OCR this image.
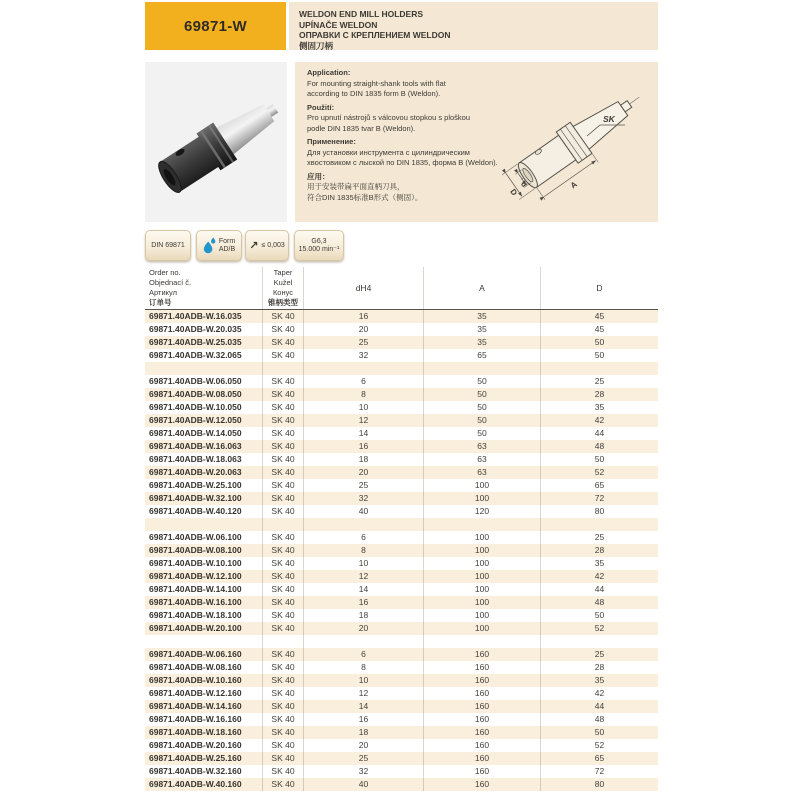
69871-W
WELDON END MILL HOLDERS
UPÍNAČE WELDON
ОПРАВКИ С КРЕПЛЕНИЕМ WELDON
侧固刀柄
Application:
For mounting straight-shank tools with flat
according to DIN 1835 form B (Weldon).
Použití:
Pro upnutí nástrojů s válcovou stopkou s ploškou
podle DIN 1835 tvar B (Weldon).
Применение:
Для установки инструмента с цилиндрическим
хвостовиком с лыской по DIN 1835, форма B (Weldon).
应用：
用于安装带扁平面直柄刀具，
符合DIN 1835标准B形式（侧固）。	D
d	A
SK
DIN 69871
Form
AD/B ↗ ≤ 0,003
G6,3
15.000 min⁻¹
Order no.
Objednací č.
Артикул
订单号
Taper
Kužel
Конус
锥柄类型
dH4	A	D
69871.40ADB-W.16.035	SK 40	16	35	45
69871.40ADB-W.20.035	SK 40	20	35	45
69871.40ADB-W.25.035	SK 40	25	35	50
69871.40ADB-W.32.065	SK 40	32	65	50
69871.40ADB-W.06.050	SK 40	6	50	25
69871.40ADB-W.08.050	SK 40	8	50	28
69871.40ADB-W.10.050	SK 40	10	50	35
69871.40ADB-W.12.050	SK 40	12	50	42
69871.40ADB-W.14.050	SK 40	14	50	44
69871.40ADB-W.16.063	SK 40	16	63	48
69871.40ADB-W.18.063	SK 40	18	63	50
69871.40ADB-W.20.063	SK 40	20	63	52
69871.40ADB-W.25.100	SK 40	25	100	65
69871.40ADB-W.32.100	SK 40	32	100	72
69871.40ADB-W.40.120	SK 40	40	120	80
69871.40ADB-W.06.100	SK 40	6	100	25
69871.40ADB-W.08.100	SK 40	8	100	28
69871.40ADB-W.10.100	SK 40	10	100	35
69871.40ADB-W.12.100	SK 40	12	100	42
69871.40ADB-W.14.100	SK 40	14	100	44
69871.40ADB-W.16.100	SK 40	16	100	48
69871.40ADB-W.18.100	SK 40	18	100	50
69871.40ADB-W.20.100	SK 40	20	100	52
69871.40ADB-W.06.160	SK 40	6	160	25
69871.40ADB-W.08.160	SK 40	8	160	28
69871.40ADB-W.10.160	SK 40	10	160	35
69871.40ADB-W.12.160	SK 40	12	160	42
69871.40ADB-W.14.160	SK 40	14	160	44
69871.40ADB-W.16.160	SK 40	16	160	48
69871.40ADB-W.18.160	SK 40	18	160	50
69871.40ADB-W.20.160	SK 40	20	160	52
69871.40ADB-W.25.160	SK 40	25	160	65
69871.40ADB-W.32.160	SK 40	32	160	72
69871.40ADB-W.40.160	SK 40	40	160	80
